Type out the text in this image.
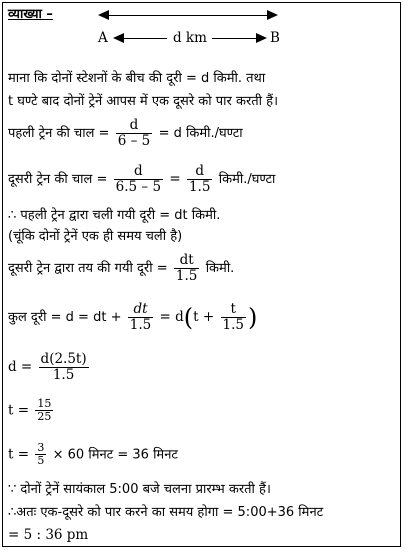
व्याख्या –
A	d km	B
माना कि दोनों स्टेशनों के बीच की दूरी = d किमी. तथा
t घण्टे बाद दोनों ट्रेनें आपस में एक दूसरे को पार करती हैं।
पहली ट्रेन की चाल = $\frac{d}{6 - 5} = d$ किमी./घण्टा
दूसरी ट्रेन की चाल = $\frac{d}{6.5 - 5} = \frac{d}{1.5}$ किमी./घण्टा
∴ पहली ट्रेन द्वारा चली गयी दूरी = dt किमी.
(चूंकि दोनों ट्रेनें एक ही समय चली है)
दूसरी ट्रेन द्वारा तय की गयी दूरी = $\frac{dt}{1.5}$ किमी.
कुल दूरी = d = dt + $\frac{dt}{1.5} = d(t + \frac{t}{1.5}$ )
$d = \frac{d(2.5t)}{1.5}$
$t = \frac{15}{25}$
$t = \frac{3}{5} \times 60$ मिनट = 36 मिनट
∵ दोनों ट्रेनें सायंकाल 5:00 बजे चलना प्रारम्भ करती हैं।
∴अतः एक-दूसरे को पार करने का समय होगा = 5:00+36 मिनट
= 5 : 36 pm
